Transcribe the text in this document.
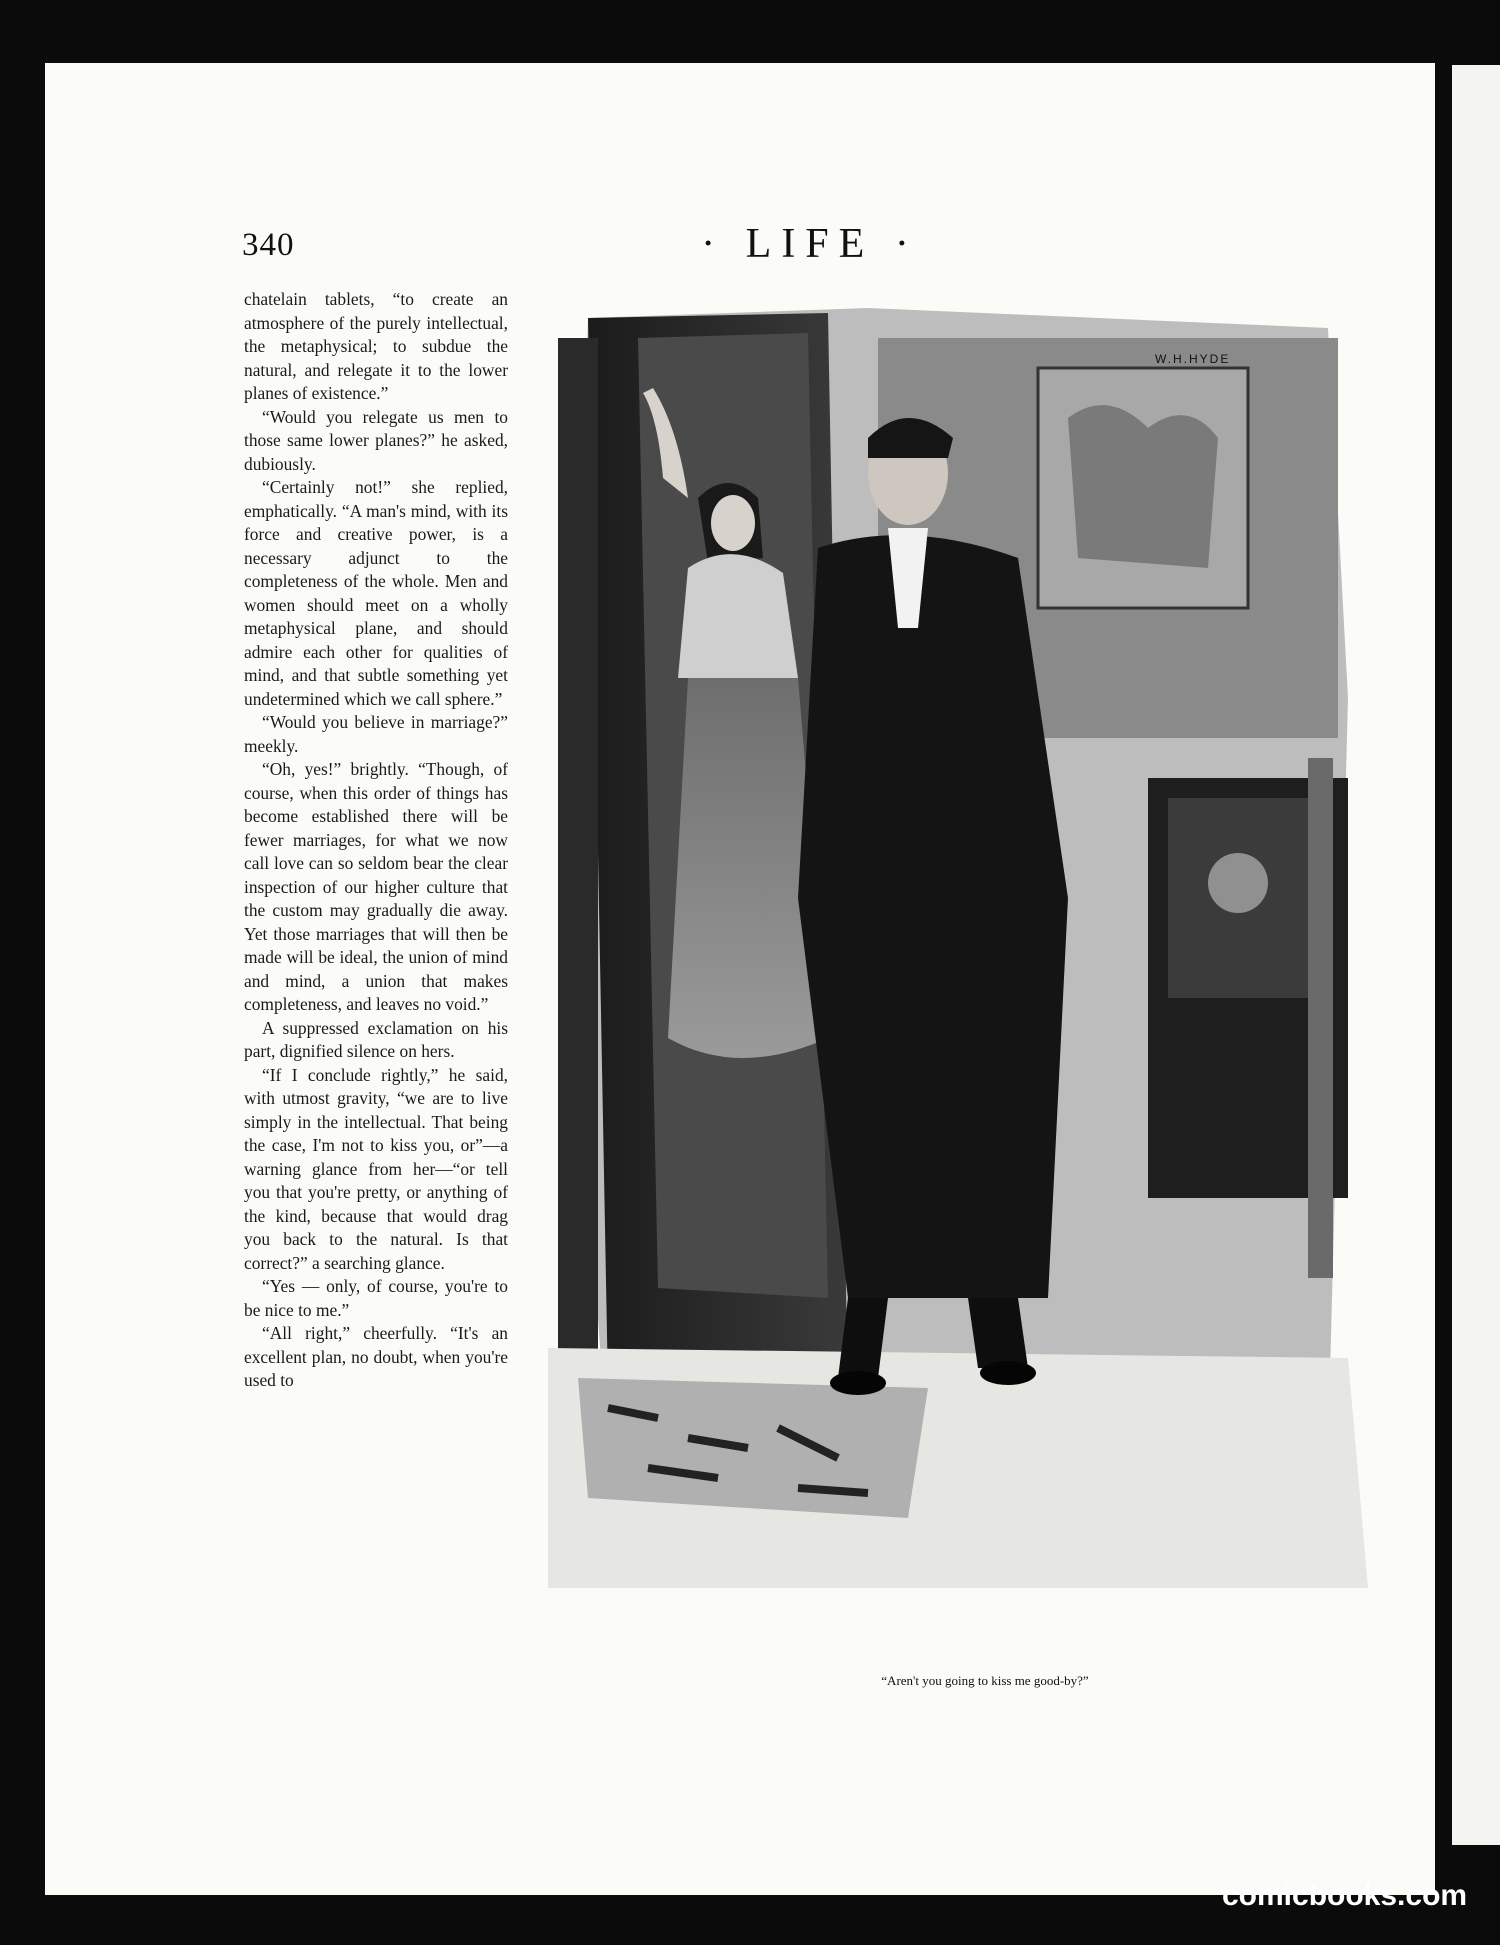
340	· LIFE ·

chatelain tablets, “to create an atmosphere of the purely intellectual, the metaphysical; to subdue the natural, and relegate it to the lower planes of existence.”

“Would you relegate us men to those same lower planes?” he asked, dubiously.

“Certainly not!” she replied, emphatically. “A man's mind, with its force and creative power, is a necessary adjunct to the completeness of the whole. Men and women should meet on a wholly metaphysical plane, and should admire each other for qualities of mind, and that subtle something yet undetermined which we call sphere.”

“Would you believe in marriage?” meekly.

“Oh, yes!” brightly. “Though, of course, when this order of things has become established there will be fewer marriages, for what we now call love can so seldom bear the clear inspection of our higher culture that the custom may gradually die away. Yet those marriages that will then be made will be ideal, the union of mind and mind, a union that makes completeness, and leaves no void.”

A suppressed exclamation on his part, dignified silence on hers.

“If I conclude rightly,” he said, with utmost gravity, “we are to live simply in the intellectual. That being the case, I'm not to kiss you, or”—a warning glance from her—“or tell you that you're pretty, or anything of the kind, because that would drag you back to the natural. Is that correct?” a searching glance.

“Yes — only, of course, you're to be nice to me.”

“All right,” cheerfully. “It's an excellent plan, no doubt, when you're used to

W.H.HYDE
“Aren't you going to kiss me good-by?”
comicbooks.com
